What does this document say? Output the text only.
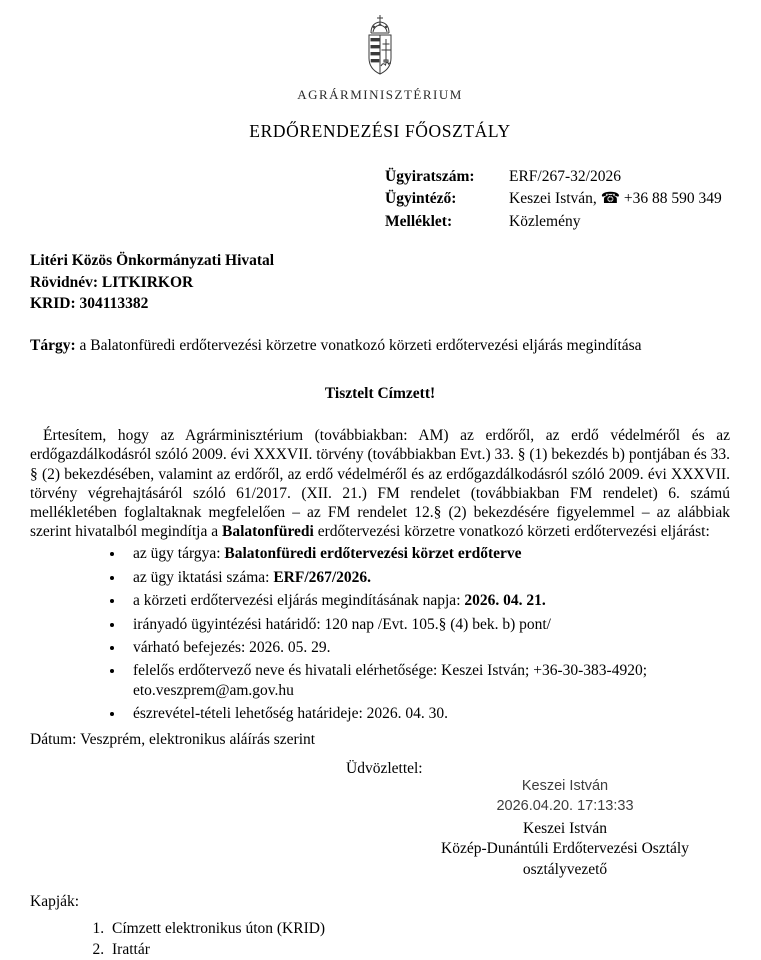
AGRÁRMINISZTÉRIUM
ERDŐRENDEZÉSI FŐOSZTÁLY
Ügyiratszám:	ERF/267-32/2026
Ügyintéző:	Keszei István, ☎ +36 88 590 349
Melléklet:	Közlemény
Litéri Közös Önkormányzati Hivatal
Rövidnév: LITKIRKOR
KRID: 304113382
Tárgy: a Balatonfüredi erdőtervezési körzetre vonatkozó körzeti erdőtervezési eljárás megindítása
Tisztelt Címzett!
Értesítem, hogy az Agrárminisztérium (továbbiakban: AM) az erdőről, az erdő védelméről és az erdőgazdálkodásról szóló 2009. évi XXXVII. törvény (továbbiakban Evt.) 33. § (1) bekezdés b) pontjában és 33. § (2) bekezdésében, valamint az erdőről, az erdő védelméről és az erdőgazdálkodásról szóló 2009. évi XXXVII. törvény végrehajtásáról szóló 61/2017. (XII. 21.) FM rendelet (továbbiakban FM rendelet) 6. számú mellékletében foglaltaknak megfelelően – az FM rendelet 12.§ (2) bekezdésére figyelemmel – az alábbiak szerint hivatalból megindítja a Balatonfüredi erdőtervezési körzetre vonatkozó körzeti erdőtervezési eljárást:
• az ügy tárgya: Balatonfüredi erdőtervezési körzet erdőterve
• az ügy iktatási száma: ERF/267/2026.
• a körzeti erdőtervezési eljárás megindításának napja: 2026. 04. 21.
• irányadó ügyintézési határidő: 120 nap /Evt. 105.§ (4) bek. b) pont/
• várható befejezés: 2026. 05. 29.
• felelős erdőtervező neve és hivatali elérhetősége: Keszei István; +36-30-383-4920;
eto.veszprem@am.gov.hu
• észrevétel-tételi lehetőség határideje: 2026. 04. 30.
Dátum: Veszprém, elektronikus aláírás szerint
Üdvözlettel:
Keszei István
2026.04.20. 17:13:33
Keszei István
Közép-Dunántúli Erdőtervezési Osztály
osztályvezető
Kapják:
1. Címzett elektronikus úton (KRID)
2. Irattár
